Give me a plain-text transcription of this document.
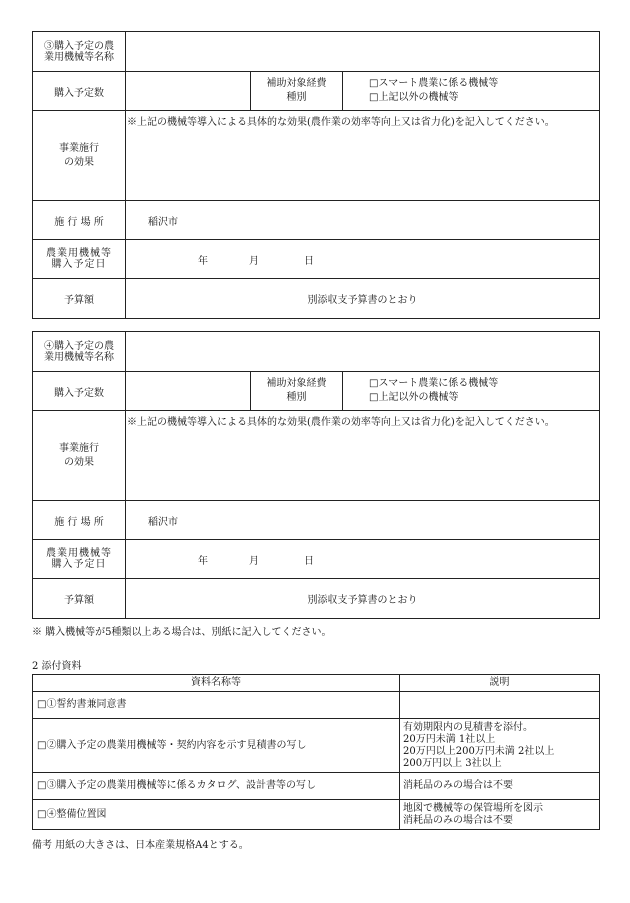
③購入予定の農業用機械等名称			
購入予定数		補助対象経費種別	□スマート農業に係る機械等
□上記以外の機械等

事業施行の効果	※上記の機械等導入による具体的な効果(農作業の効率等向上又は省力化)を記入してください。		
施 行 場 所	稲沢市		
農業用機械等購入予定日	年 月 日		

予算額	別添収支予算書のとおり		
④購入予定の農業用機械等名称			
購入予定数		補助対象経費種別	□スマート農業に係る機械等
□上記以外の機械等

事業施行の効果	※上記の機械等導入による具体的な効果(農作業の効率等向上又は省力化)を記入してください。		
施 行 場 所	稲沢市		
農業用機械等購入予定日	年 月 日		

予算額	別添収支予算書のとおり		
※ 購入機械等が5種類以上ある場合は、別紙に記入してください。
2 添付資料
資料名称等	説明
□①誓約書兼同意書	
□②購入予定の農業用機械等・契約内容を示す見積書の写し	有効期限内の見積書を添付。
20万円未満 1社以上
20万円以上200万円未満 2社以上
200万円以上 3社以上

□③購入予定の農業用機械等に係るカタログ、設計書等の写し	消耗品のみの場合は不要

□④整備位置図	地図で機械等の保管場所を図示
消耗品のみの場合は不要
備考 用紙の大きさは、日本産業規格A4とする。
